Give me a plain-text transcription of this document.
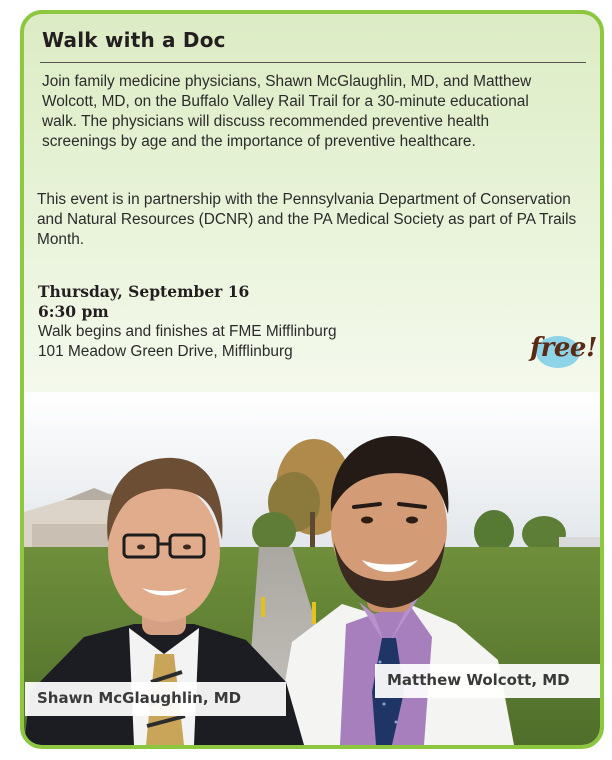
Walk with a Doc

Join family medicine physicians, Shawn McGlaughlin, MD, and Matthew Wolcott, MD, on the Buffalo Valley Rail Trail for a 30-minute educational walk. The physicians will discuss recommended preventive health screenings by age and the importance of preventive healthcare.

This event is in partnership with the Pennsylvania Department of Conservation and Natural Resources (DCNR) and the PA Medical Society as part of PA Trails Month.

Thursday, September 16
6:30 pm
Walk begins and finishes at FME Mifflinburg
101 Meadow Green Drive, Mifflinburg	free!
Matthew Wolcott, MD
Shawn McGlaughlin, MD
